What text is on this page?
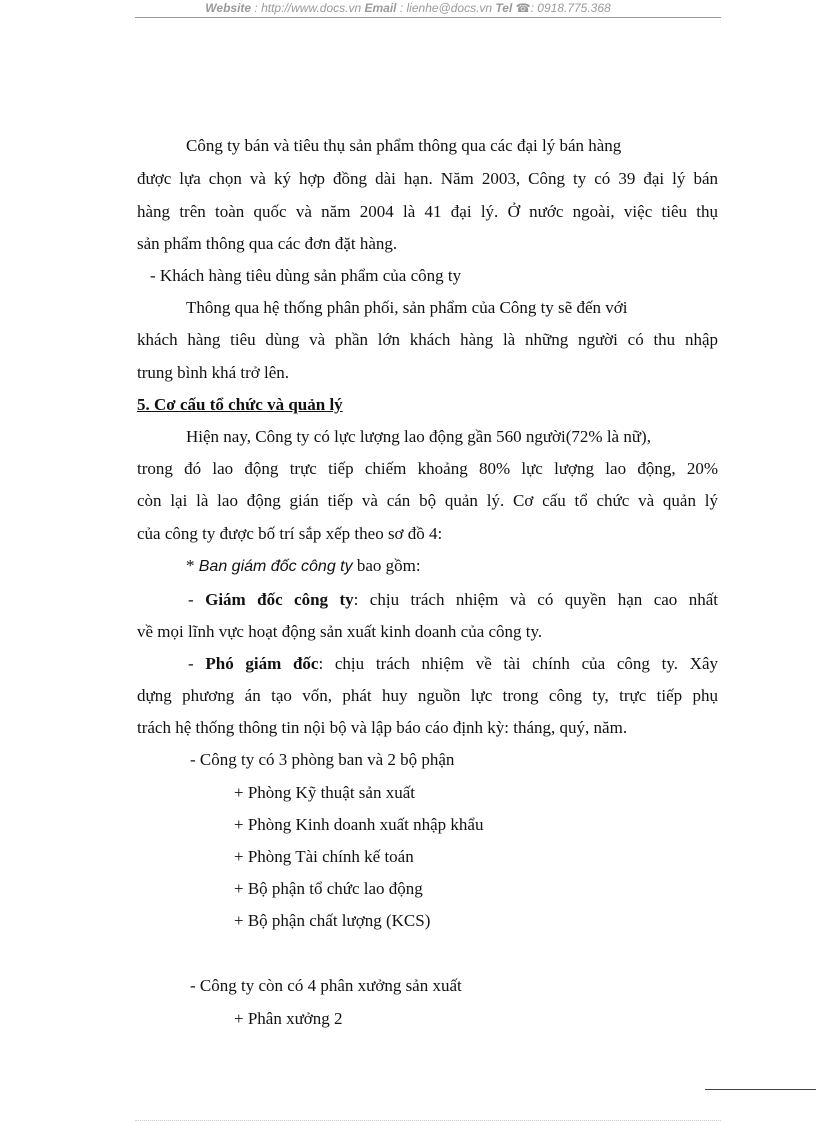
Website : http://www.docs.vn Email : lienhe@docs.vn Tel ☎: 0918.775.368
Công ty bán và tiêu thụ sản phẩm thông qua các đại lý bán hàng
được lựa chọn và ký hợp đồng dài hạn. Năm 2003, Công ty có 39 đại lý bán
hàng trên toàn quốc và năm 2004 là 41 đại lý. Ở nước ngoài, việc tiêu thụ
sản phẩm thông qua các đơn đặt hàng.
- Khách hàng tiêu dùng sản phẩm của công ty
Thông qua hệ thống phân phối, sản phẩm của Công ty sẽ đến với
khách hàng tiêu dùng và phần lớn khách hàng là những người có thu nhập
trung bình khá trở lên.
5. Cơ cấu tổ chức và quản lý
Hiện nay, Công ty có lực lượng lao động gần 560 người(72% là nữ),
trong đó lao động trực tiếp chiếm khoảng 80% lực lượng lao động, 20%
còn lại là lao động gián tiếp và cán bộ quản lý. Cơ cấu tổ chức và quản lý
của công ty được bố trí sắp xếp theo sơ đồ 4:
* Ban giám đốc công ty bao gồm:
- Giám đốc công ty: chịu trách nhiệm và có quyền hạn cao nhất
về mọi lĩnh vực hoạt động sản xuất kinh doanh của công ty.
- Phó giám đốc: chịu trách nhiệm về tài chính của công ty. Xây
dựng phương án tạo vốn, phát huy nguồn lực trong công ty, trực tiếp phụ
trách hệ thống thông tin nội bộ và lập báo cáo định kỳ: tháng, quý, năm.
- Công ty có 3 phòng ban và 2 bộ phận
+ Phòng Kỹ thuật sản xuất
+ Phòng Kinh doanh xuất nhập khẩu
+ Phòng Tài chính kế toán
+ Bộ phận tổ chức lao động
+ Bộ phận chất lượng (KCS)
- Công ty còn có 4 phân xưởng sản xuất
+ Phân xưởng 2
